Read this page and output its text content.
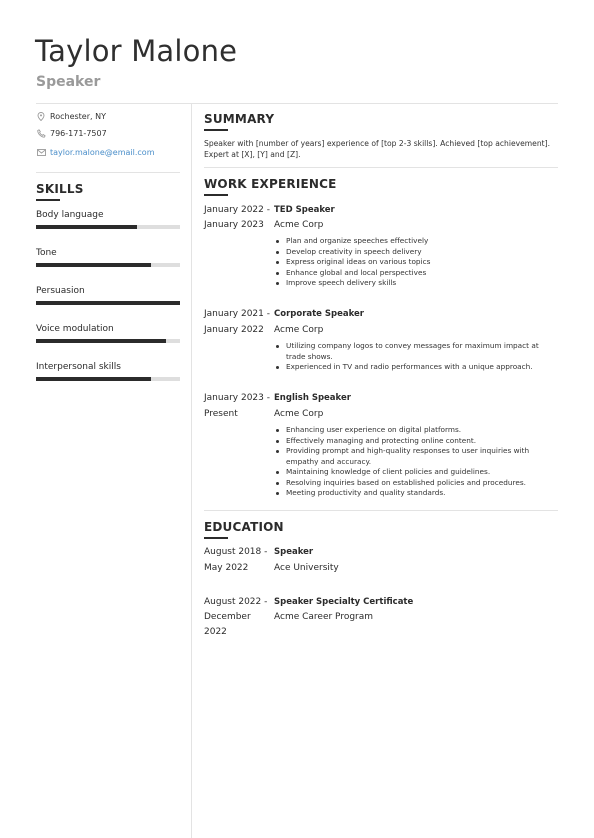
Taylor Malone
Speaker
Rochester, NY
796-171-7507
taylor.malone@email.com
SKILLS
Body language
Tone
Persuasion
Voice modulation
Interpersonal skills
SUMMARY
Speaker with [number of years] experience of [top 2-3 skills]. Achieved [top achievement]. Expert at [X], [Y] and [Z].
WORK EXPERIENCE
January 2022 -
January 2023
TED Speaker
Acme Corp
Plan and organize speeches effectively
Develop creativity in speech delivery
Express original ideas on various topics
Enhance global and local perspectives
Improve speech delivery skills
January 2021 -
January 2022
Corporate Speaker
Acme Corp
Utilizing company logos to convey messages for maximum impact at trade shows.
Experienced in TV and radio performances with a unique approach.
January 2023 -
Present
English Speaker
Acme Corp
Enhancing user experience on digital platforms.
Effectively managing and protecting online content.
Providing prompt and high-quality responses to user inquiries with empathy and accuracy.
Maintaining knowledge of client policies and guidelines.
Resolving inquiries based on established policies and procedures.
Meeting productivity and quality standards.
EDUCATION
August 2018 -
May 2022
Speaker
Ace University
August 2022 -
December 2022
Speaker Specialty Certificate
Acme Career Program
